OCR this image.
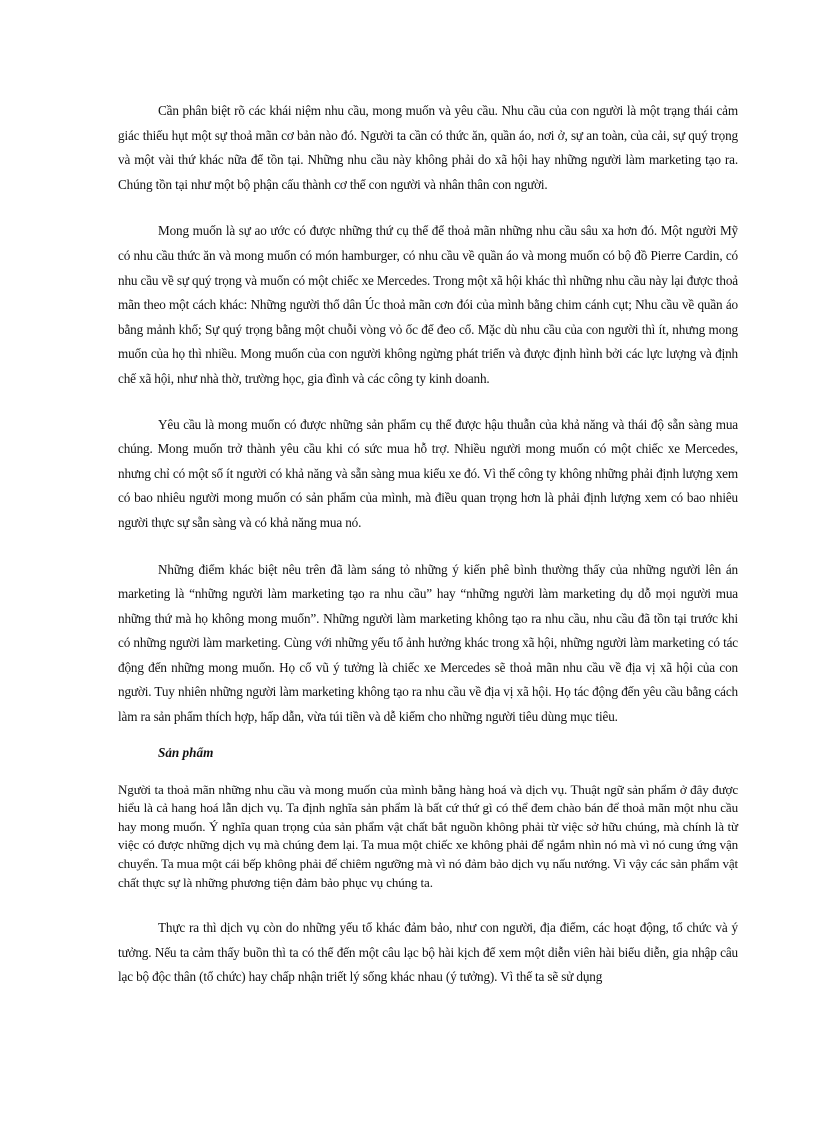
Cần phân biệt rõ các khái niệm nhu cầu, mong muốn và yêu cầu. Nhu cầu của con người là một trạng thái cảm giác thiếu hụt một sự thoả mãn cơ bản nào đó. Người ta cần có thức ăn, quần áo, nơi ở, sự an toàn, của cải, sự quý trọng và một vài thứ khác nữa để tồn tại. Những nhu cầu này không phải do xã hội hay những người làm marketing tạo ra. Chúng tồn tại như một bộ phận cấu thành cơ thể con người và nhân thân con người.

Mong muốn là sự ao ước có được những thứ cụ thể để thoả mãn những nhu cầu sâu xa hơn đó. Một người Mỹ có nhu cầu thức ăn và mong muốn có món hamburger, có nhu cầu về quần áo và mong muốn có bộ đồ Pierre Cardin, có nhu cầu về sự quý trọng và muốn có một chiếc xe Mercedes. Trong một xã hội khác thì những nhu cầu này lại được thoả mãn theo một cách khác: Những người thổ dân Úc thoả mãn cơn đói của mình bằng chim cánh cụt; Nhu cầu về quần áo bằng mảnh khố; Sự quý trọng bằng một chuỗi vòng vỏ ốc để đeo cổ. Mặc dù nhu cầu của con người thì ít, nhưng mong muốn của họ thì nhiều. Mong muốn của con người không ngừng phát triển và được định hình bởi các lực lượng và định chế xã hội, như nhà thờ, trường học, gia đình và các công ty kinh doanh.

Yêu cầu là mong muốn có được những sản phẩm cụ thể được hậu thuẫn của khả năng và thái độ sẵn sàng mua chúng. Mong muốn trở thành yêu cầu khi có sức mua hỗ trợ. Nhiều người mong muốn có một chiếc xe Mercedes, nhưng chỉ có một số ít người có khả năng và sẵn sàng mua kiểu xe đó. Vì thế công ty không những phải định lượng xem có bao nhiêu người mong muốn có sản phẩm của mình, mà điều quan trọng hơn là phải định lượng xem có bao nhiêu người thực sự sẵn sàng và có khả năng mua nó.

Những điểm khác biệt nêu trên đã làm sáng tỏ những ý kiến phê bình thường thấy của những người lên án marketing là “những người làm marketing tạo ra nhu cầu” hay “những người làm marketing dụ dỗ mọi người mua những thứ mà họ không mong muốn”. Những người làm marketing không tạo ra nhu cầu, nhu cầu đã tồn tại trước khi có những người làm marketing. Cùng với những yếu tố ảnh hưởng khác trong xã hội, những người làm marketing có tác động đến những mong muốn. Họ cổ vũ ý tưởng là chiếc xe Mercedes sẽ thoả mãn nhu cầu về địa vị xã hội của con người. Tuy nhiên những người làm marketing không tạo ra nhu cầu về địa vị xã hội. Họ tác động đến yêu cầu bằng cách làm ra sản phẩm thích hợp, hấp dẫn, vừa túi tiền và dễ kiếm cho những người tiêu dùng mục tiêu.

Sản phẩm

Người ta thoả mãn những nhu cầu và mong muốn của mình bằng hàng hoá và dịch vụ. Thuật ngữ sản phẩm ở đây được hiểu là cả hang hoá lẫn dịch vụ. Ta định nghĩa sản phẩm là bất cứ thứ gì có thể đem chào bán để thoả mãn một nhu cầu hay mong muốn. Ý nghĩa quan trọng của sản phẩm vật chất bắt nguồn không phải từ việc sở hữu chúng, mà chính là từ việc có được những dịch vụ mà chúng đem lại. Ta mua một chiếc xe không phải để ngắm nhìn nó mà vì nó cung ứng vận chuyển. Ta mua một cái bếp không phải để chiêm ngưỡng mà vì nó đảm bảo dịch vụ nấu nướng. Vì vậy các sản phẩm vật chất thực sự là những phương tiện đảm bảo phục vụ chúng ta.

Thực ra thì dịch vụ còn do những yếu tố khác đảm bảo, như con người, địa điểm, các hoạt động, tổ chức và ý tưởng. Nếu ta cảm thấy buồn thì ta có thể đến một câu lạc bộ hài kịch để xem một diễn viên hài biểu diễn, gia nhập câu lạc bộ độc thân (tổ chức) hay chấp nhận triết lý sống khác nhau (ý tưởng). Vì thế ta sẽ sử dụng
